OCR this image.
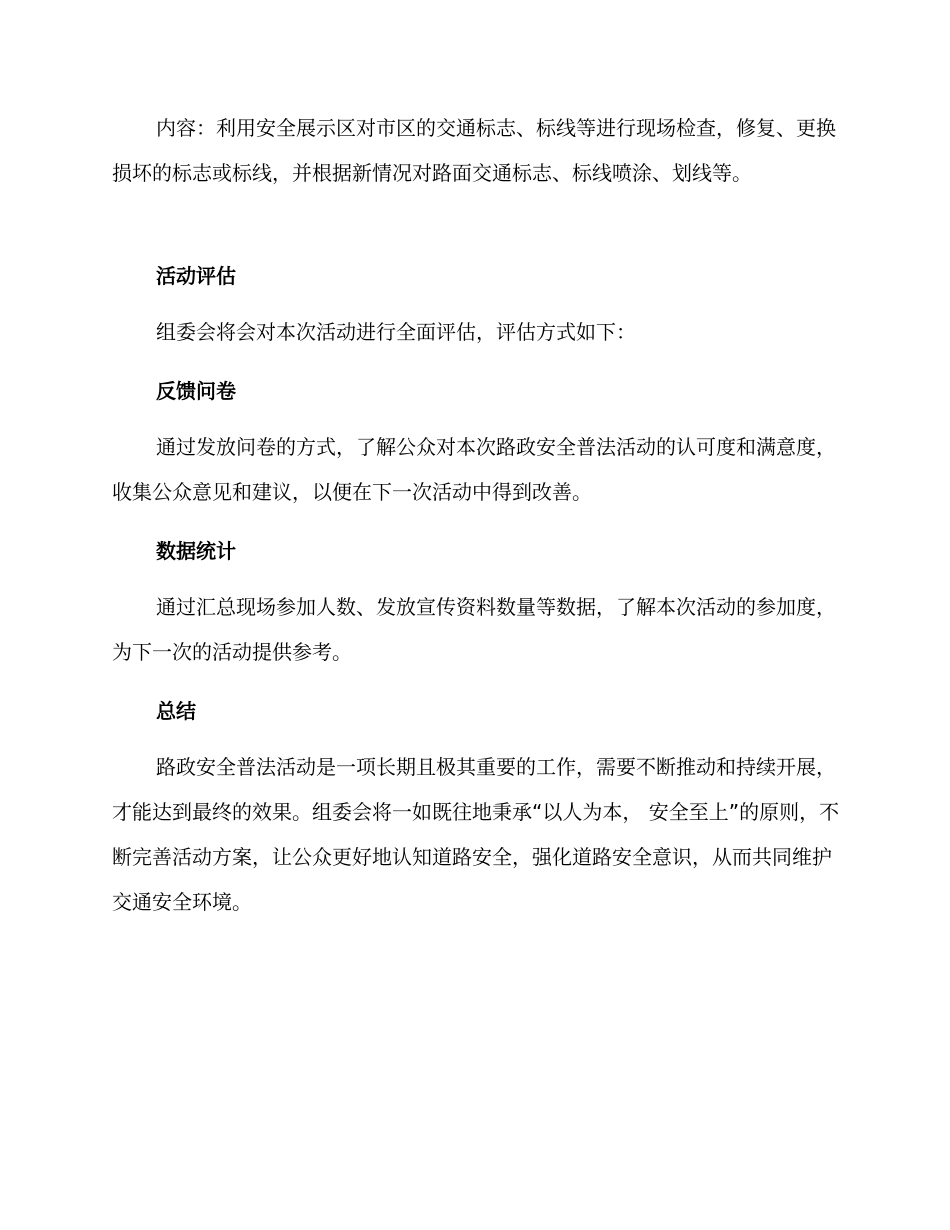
内容：利用安全展示区对市区的交通标志、标线等进行现场检查，修复、更换损坏的标志或标线，并根据新情况对路面交通标志、标线喷涂、划线等。

活动评估

组委会将会对本次活动进行全面评估，评估方式如下：

反馈问卷

通过发放问卷的方式，了解公众对本次路政安全普法活动的认可度和满意度，收集公众意见和建议，以便在下一次活动中得到改善。

数据统计

通过汇总现场参加人数、发放宣传资料数量等数据，了解本次活动的参加度，为下一次的活动提供参考。

总结

路政安全普法活动是一项长期且极其重要的工作，需要不断推动和持续开展，才能达到最终的效果。组委会将一如既往地秉承“以人为本， 安全至上”的原则，不断完善活动方案，让公众更好地认知道路安全，强化道路安全意识，从而共同维护交通安全环境。
